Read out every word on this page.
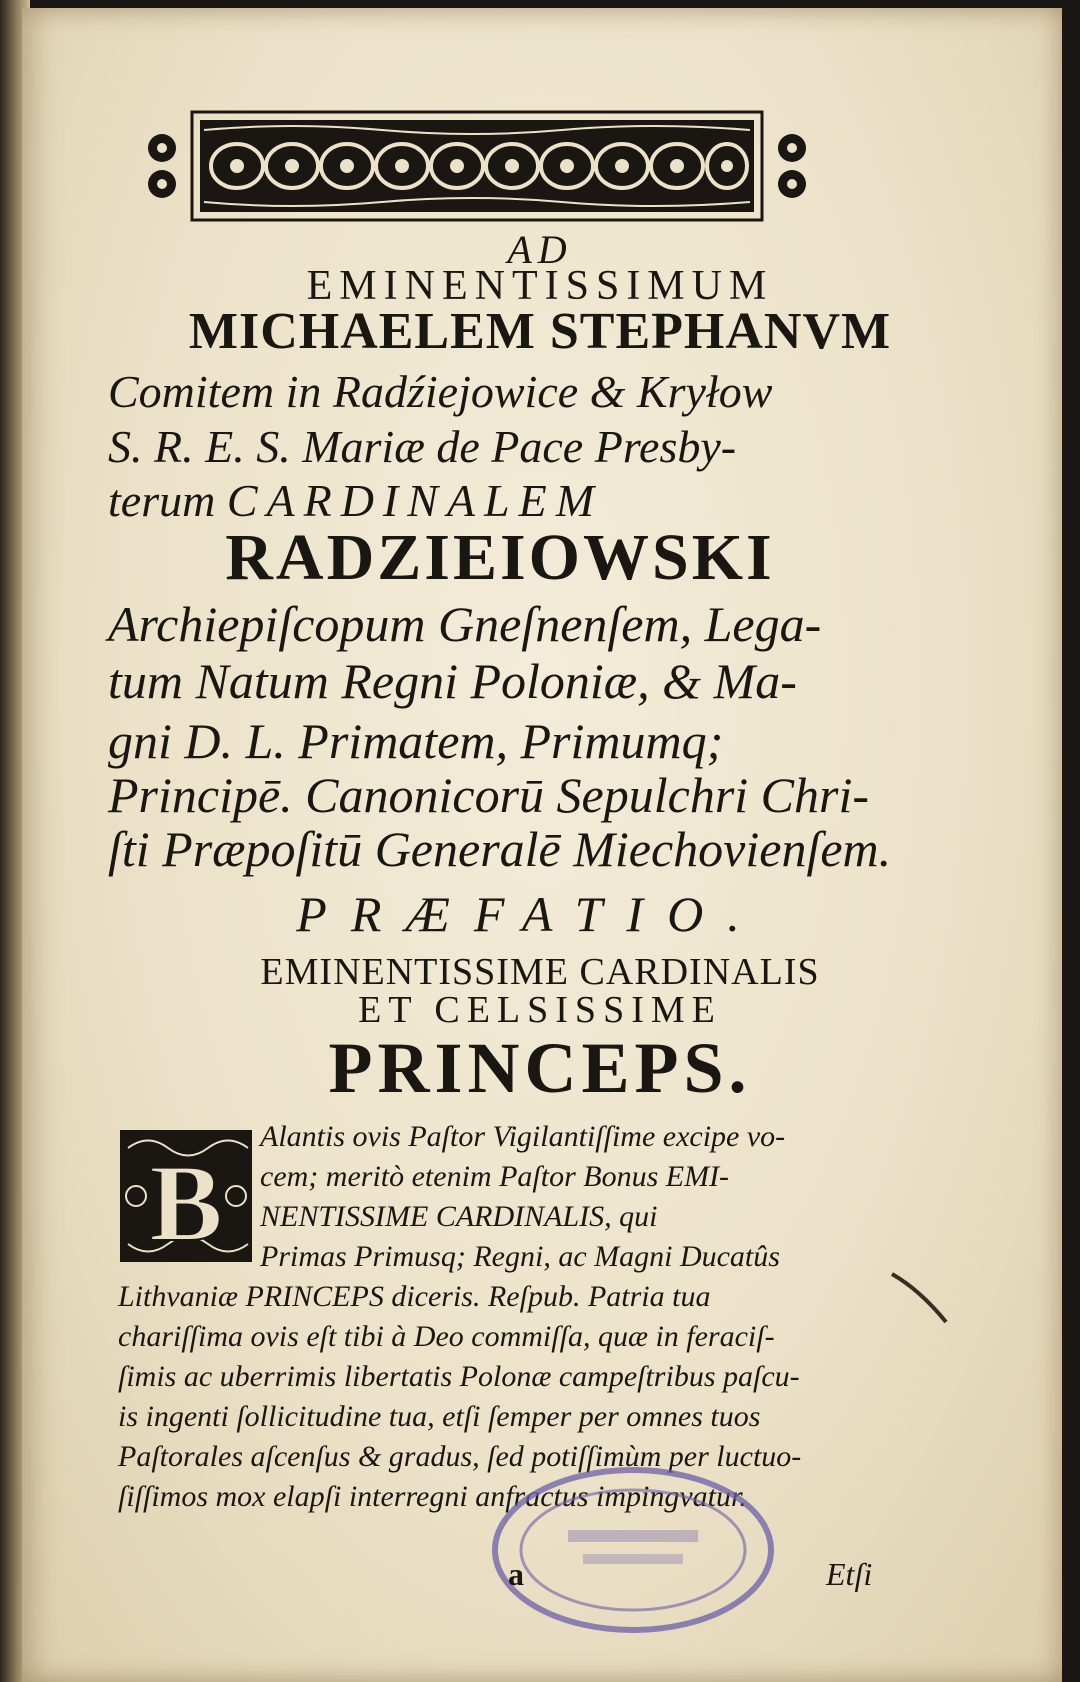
AD
EMINENTISSIMUM
MICHAELEM STEPHANVM
Comitem in Radźiejowice & Kryłow
S. R. E. S. Mariæ de Pace Presby-
terum CARDINALEM
RADZIEIOWSKI
Archiepiſcopum Gneſnenſem, Lega-
tum Natum Regni Poloniæ, & Ma-
gni D. L. Primatem, Primumq;
Principē. Canonicorū Sepulchri Chri-
ſti Præpoſitū Generalē Miechovienſem.
PRÆFATIO.
EMINENTISSIME CARDINALIS
ET CELSISSIME
PRINCEPS.
B
Alantis ovis Paſtor Vigilantiſſime excipe vo-
cem; meritò etenim Paſtor Bonus EMI-
NENTISSIME CARDINALIS, qui
Primas Primusq; Regni, ac Magni Ducatûs
Lithvaniæ PRINCEPS diceris. Reſpub. Patria tua
chariſſima ovis eſt tibi à Deo commiſſa, quæ in feraciſ-
ſimis ac uberrimis libertatis Polonæ campeſtribus paſcu-
is ingenti ſollicitudine tua, etſi ſemper per omnes tuos
Paſtorales aſcenſus & gradus, ſed potiſſimùm per luctuo-
ſiſſimos mox elapſi interregni anfractus impingvatur.
a	Etſi
